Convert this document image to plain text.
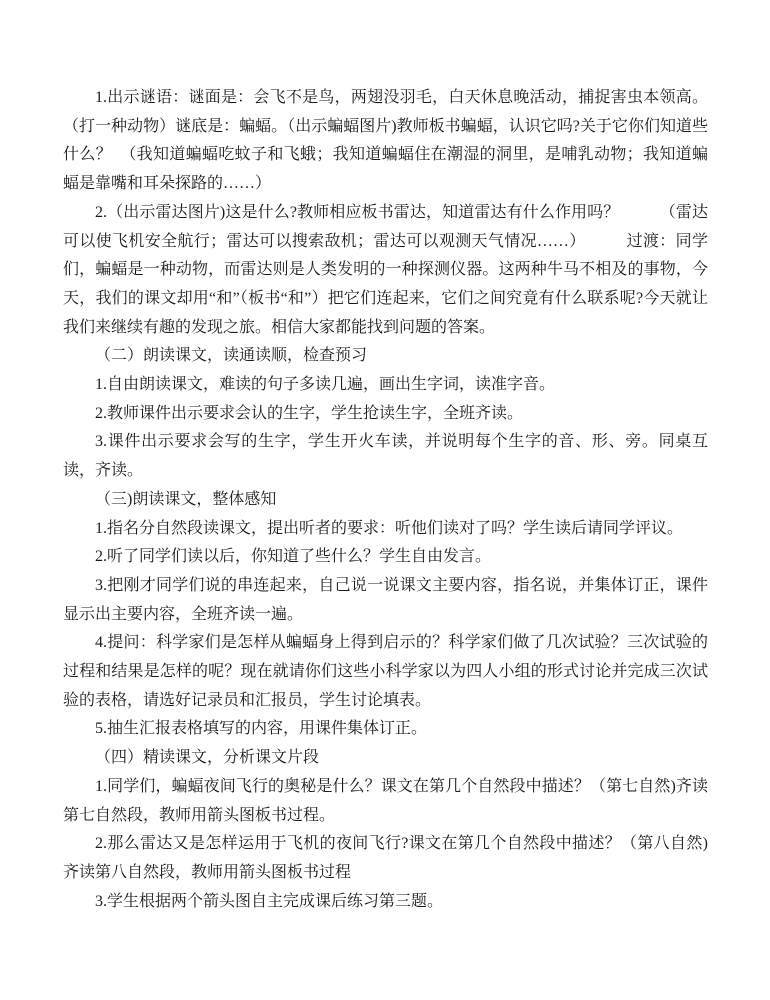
1.出示谜语：谜面是：会飞不是鸟，两翅没羽毛，白天休息晚活动，捕捉害虫本领高。（打一种动物）谜底是：蝙蝠。（出示蝙蝠图片)教师板书蝙蝠，认识它吗?关于它你们知道些什么？　（我知道蝙蝠吃蚊子和飞蛾；我知道蝙蝠住在潮湿的洞里，是哺乳动物；我知道蝙蝠是靠嘴和耳朵探路的……）

2.（出示雷达图片)这是什么?教师相应板书雷达，知道雷达有什么作用吗？　　　（雷达可以使飞机安全航行；雷达可以搜索敌机；雷达可以观测天气情况……）　　　过渡：同学们，蝙蝠是一种动物，而雷达则是人类发明的一种探测仪器。这两种牛马不相及的事物，今天，我们的课文却用“和”（板书“和”）把它们连起来，它们之间究竟有什么联系呢?今天就让我们来继续有趣的发现之旅。相信大家都能找到问题的答案。

（二）朗读课文，读通读顺，检查预习

1.自由朗读课文，难读的句子多读几遍，画出生字词，读准字音。

2.教师课件出示要求会认的生字，学生抢读生字，全班齐读。

3.课件出示要求会写的生字，学生开火车读，并说明每个生字的音、形、旁。同桌互读，齐读。

（三)朗读课文，整体感知

1.指名分自然段读课文，提出听者的要求：听他们读对了吗？学生读后请同学评议。

2.听了同学们读以后，你知道了些什么？学生自由发言。

3.把刚才同学们说的串连起来，自己说一说课文主要内容，指名说，并集体订正，课件显示出主要内容，全班齐读一遍。

4.提问：科学家们是怎样从蝙蝠身上得到启示的？科学家们做了几次试验？三次试验的过程和结果是怎样的呢？现在就请你们这些小科学家以为四人小组的形式讨论并完成三次试验的表格，请选好记录员和汇报员，学生讨论填表。

5.抽生汇报表格填写的内容，用课件集体订正。

（四）精读课文，分析课文片段

1.同学们，蝙蝠夜间飞行的奥秘是什么？课文在第几个自然段中描述？（第七自然)齐读第七自然段，教师用箭头图板书过程。

2.那么雷达又是怎样运用于飞机的夜间飞行?课文在第几个自然段中描述？（第八自然)齐读第八自然段，教师用箭头图板书过程

3.学生根据两个箭头图自主完成课后练习第三题。
